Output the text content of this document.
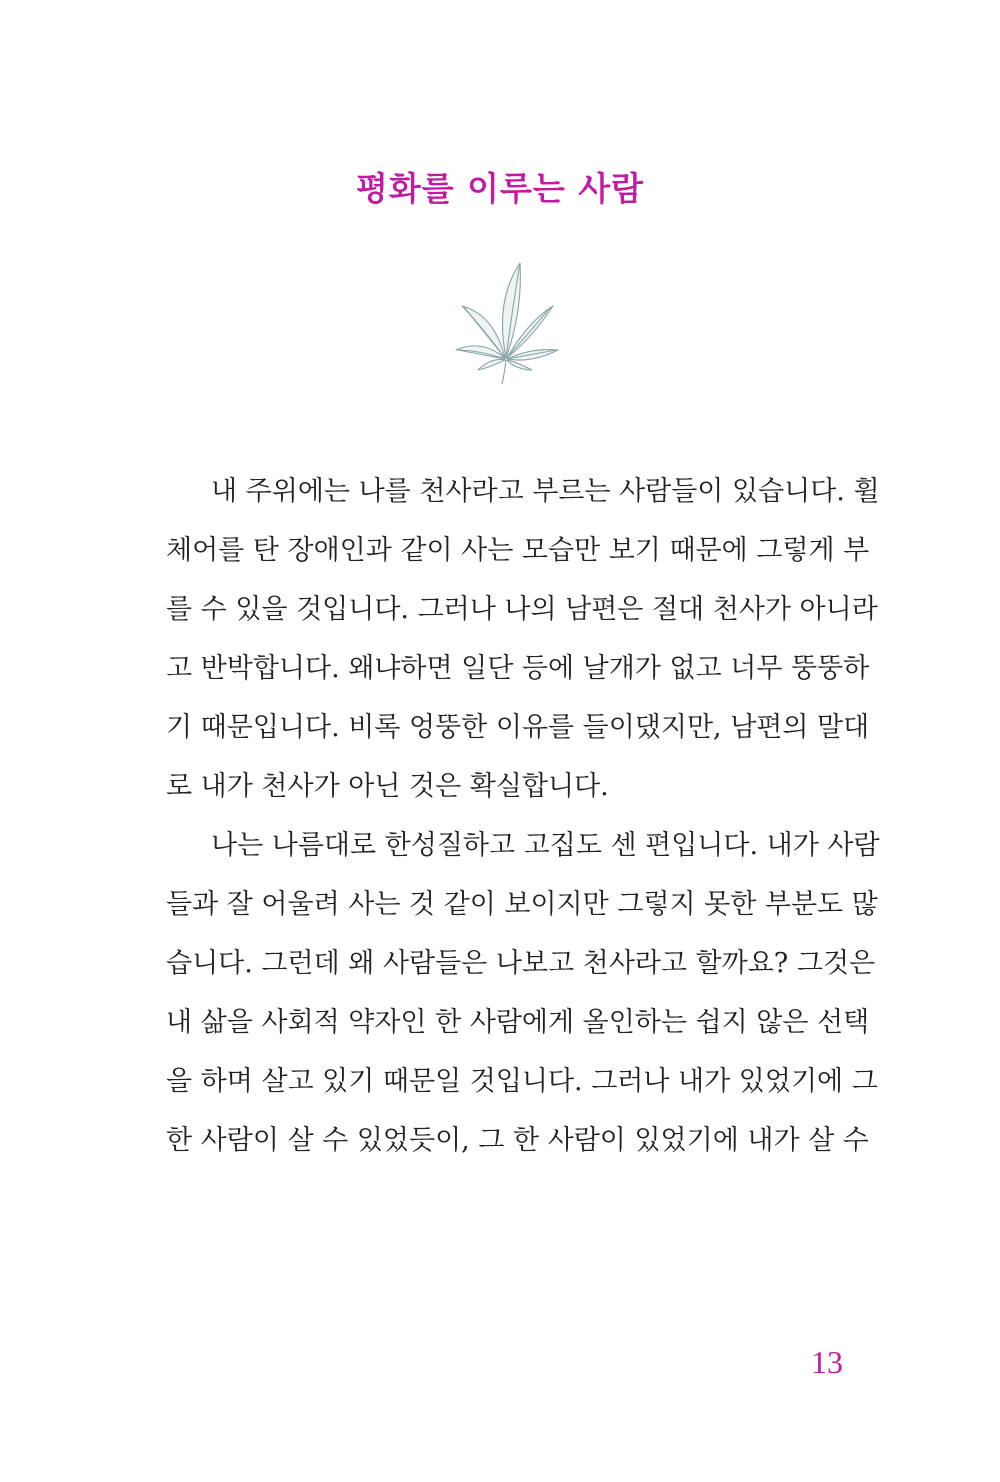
평화를 이루는 사람
내 주위에는 나를 천사라고 부르는 사람들이 있습니다. 휠
체어를 탄 장애인과 같이 사는 모습만 보기 때문에 그렇게 부
를 수 있을 것입니다. 그러나 나의 남편은 절대 천사가 아니라
고 반박합니다. 왜냐하면 일단 등에 날개가 없고 너무 뚱뚱하
기 때문입니다. 비록 엉뚱한 이유를 들이댔지만, 남편의 말대
로 내가 천사가 아닌 것은 확실합니다.
나는 나름대로 한성질하고 고집도 센 편입니다. 내가 사람
들과 잘 어울려 사는 것 같이 보이지만 그렇지 못한 부분도 많
습니다. 그런데 왜 사람들은 나보고 천사라고 할까요? 그것은
내 삶을 사회적 약자인 한 사람에게 올인하는 쉽지 않은 선택
을 하며 살고 있기 때문일 것입니다. 그러나 내가 있었기에 그
한 사람이 살 수 있었듯이, 그 한 사람이 있었기에 내가 살 수
13
